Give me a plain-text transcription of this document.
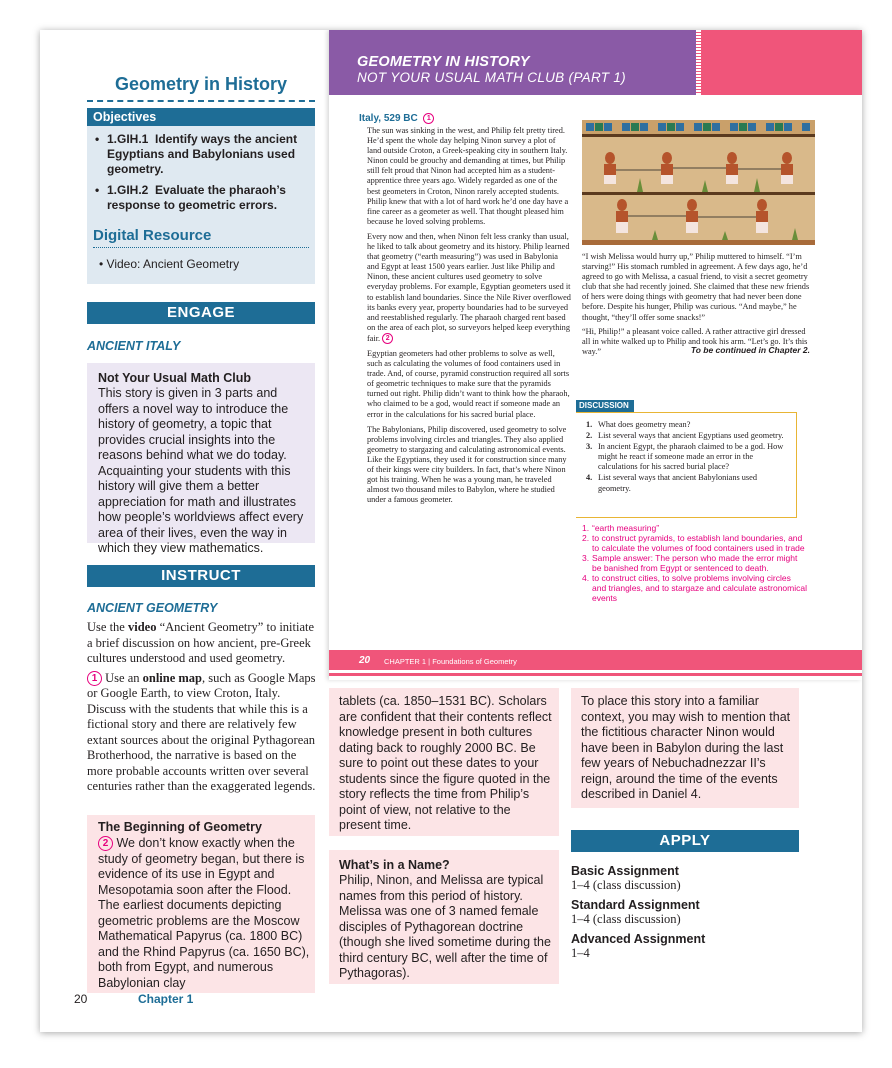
Geometry in History
Objectives
• 1.GIH.1 Identify ways the ancient Egyptians and Babylonians used geometry.
• 1.GIH.2 Evaluate the pharaoh’s response to geometric errors.
Digital Resource
• Video: Ancient Geometry
ENGAGE
ANCIENT ITALY
Not Your Usual Math Club
This story is given in 3 parts and offers a novel way to introduce the history of geometry, a topic that provides crucial insights into the reasons behind what we do today. Acquainting your students with this history will give them a better appreciation for math and illustrates how people’s worldviews affect every area of their lives, even the way in which they view mathematics.
INSTRUCT
ANCIENT GEOMETRY
Use the video “Ancient Geometry” to initiate a brief discussion on how ancient, pre-Greek cultures understood and used geometry.
1 Use an online map, such as Google Maps or Google Earth, to view Croton, Italy. Discuss with the students that while this is a fictional story and there are relatively few extant sources about the original Pythagorean Brotherhood, the narrative is based on the more probable accounts written over several centuries rather than the exaggerated legends.
The Beginning of Geometry
2 We don’t know exactly when the study of geometry began, but there is evidence of its use in Egypt and Mesopotamia soon after the Flood. The earliest documents depicting geometric problems are the Moscow Mathematical Papyrus (ca. 1800 BC) and the Rhind Papyrus (ca. 1650 BC), both from Egypt, and numerous Babylonian clay
GEOMETRY IN HISTORY
NOT YOUR USUAL MATH CLUB (PART 1)
Italy, 529 BC 1

The sun was sinking in the west, and Philip felt pretty tired. He’d spent the whole day helping Ninon survey a plot of land outside Croton, a Greek-speaking city in southern Italy. Ninon could be grouchy and demanding at times, but Philip still felt proud that Ninon had accepted him as a student-apprentice three years ago. Widely regarded as one of the best geometers in Croton, Ninon rarely accepted students. Philip knew that with a lot of hard work he’d one day have a fine career as a geometer as well. That thought pleased him because he loved solving problems.

Every now and then, when Ninon felt less cranky than usual, he liked to talk about geometry and its history. Philip learned that geometry (“earth measuring”) was used in Babylonia and Egypt at least 1500 years earlier. Just like Philip and Ninon, these ancient cultures used geometry to solve everyday problems. For example, Egyptian geometers used it to establish land boundaries. Since the Nile River overflowed its banks every year, property boundaries had to be surveyed and reestablished regularly. The pharaoh charged rent based on the area of each plot, so surveyors helped keep everything fair. 2

Egyptian geometers had other problems to solve as well, such as calculating the volumes of food containers used in trade. And, of course, pyramid construction required all sorts of geometric techniques to make sure that the pyramids turned out right. Philip didn’t want to think how the pharaoh, who claimed to be a god, would react if someone made an error in the calculations for his sacred burial place.

The Babylonians, Philip discovered, used geometry to solve problems involving circles and triangles. They also applied geometry to stargazing and calculating astronomical events. Like the Egyptians, they used it for construction since many of their kings were city builders. In fact, that’s where Ninon got his training. When he was a young man, he traveled almost two thousand miles to Babylon, where he studied under a famous geometer.

“I wish Melissa would hurry up,” Philip muttered to himself. “I’m starving!” His stomach rumbled in agreement. A few days ago, he’d agreed to go with Melissa, a casual friend, to visit a secret geometry club that she had recently joined. She claimed that these new friends of hers were doing things with geometry that had never been done before. Despite his hunger, Philip was curious. “And maybe,” he thought, “they’ll offer some snacks!”

“Hi, Philip!” a pleasant voice called. A rather attractive girl dressed all in white walked up to Philip and took his arm. “Let’s go. It’s this way.”	To be continued in Chapter 2.
DISCUSSION
1. What does geometry mean?
2. List several ways that ancient Egyptians used geometry.
3. In ancient Egypt, the pharaoh claimed to be a god. How might he react if someone made an error in the calculations for his sacred burial place?
4. List several ways that ancient Babylonians used geometry.
1. “earth measuring”
2. to construct pyramids, to establish land boundaries, and to calculate the volumes of food containers used in trade
3. Sample answer: The person who made the error might be banished from Egypt or sentenced to death.
4. to construct cities, to solve problems involving circles and triangles, and to stargaze and calculate astronomical events
20 CHAPTER 1 | Foundations of Geometry
tablets (ca. 1850–1531 BC). Scholars are confident that their contents reflect knowledge present in both cultures dating back to roughly 2000 BC. Be sure to point out these dates to your students since the figure quoted in the story reflects the time from Philip’s point of view, not relative to the present time.
What’s in a Name?
Philip, Ninon, and Melissa are typical names from this period of history. Melissa was one of 3 named female disciples of Pythagorean doctrine (though she lived sometime during the third century BC, well after the time of Pythagoras).
To place this story into a familiar context, you may wish to mention that the fictitious character Ninon would have been in Babylon during the last few years of Nebuchadnezzar II’s reign, around the time of the events described in Daniel 4.
APPLY
Basic Assignment
1–4 (class discussion)
Standard Assignment
1–4 (class discussion)
Advanced Assignment
1–4
20	Chapter 1
